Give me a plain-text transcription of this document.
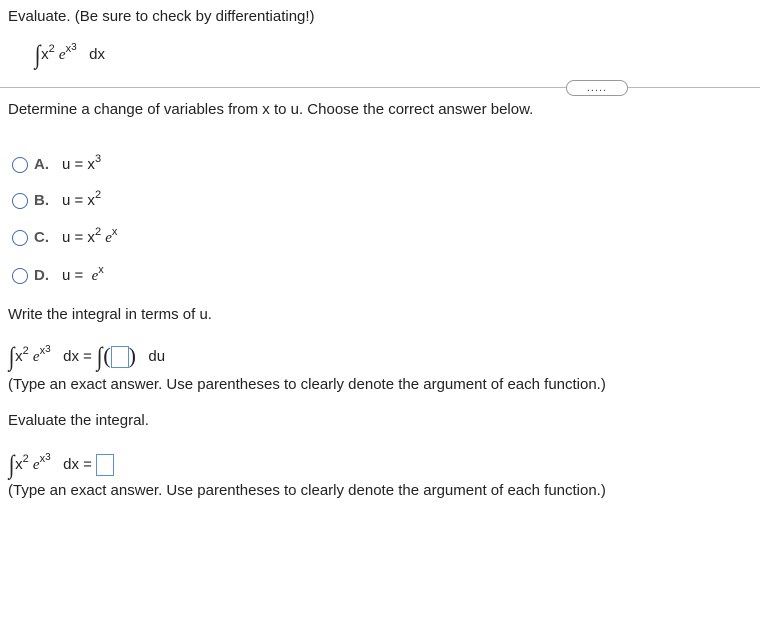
Evaluate. (Be sure to check by differentiating!)
$\int x^2$ $e^{x3}$ dx
.....
Determine a change of variables from x to u. Choose the correct answer below.
A. $u = x^3$
B. $u = x^2$
C. $u = x^2$ $e^x$
D. $u = e^x$
Write the integral in terms of u.
$\int x^2$ $e^{x3}$ dx = ∫( ) du
(Type an exact answer. Use parentheses to clearly denote the argument of each function.)
Evaluate the integral.
$\int x^2$ $e^{x3}$ dx =
(Type an exact answer. Use parentheses to clearly denote the argument of each function.)
